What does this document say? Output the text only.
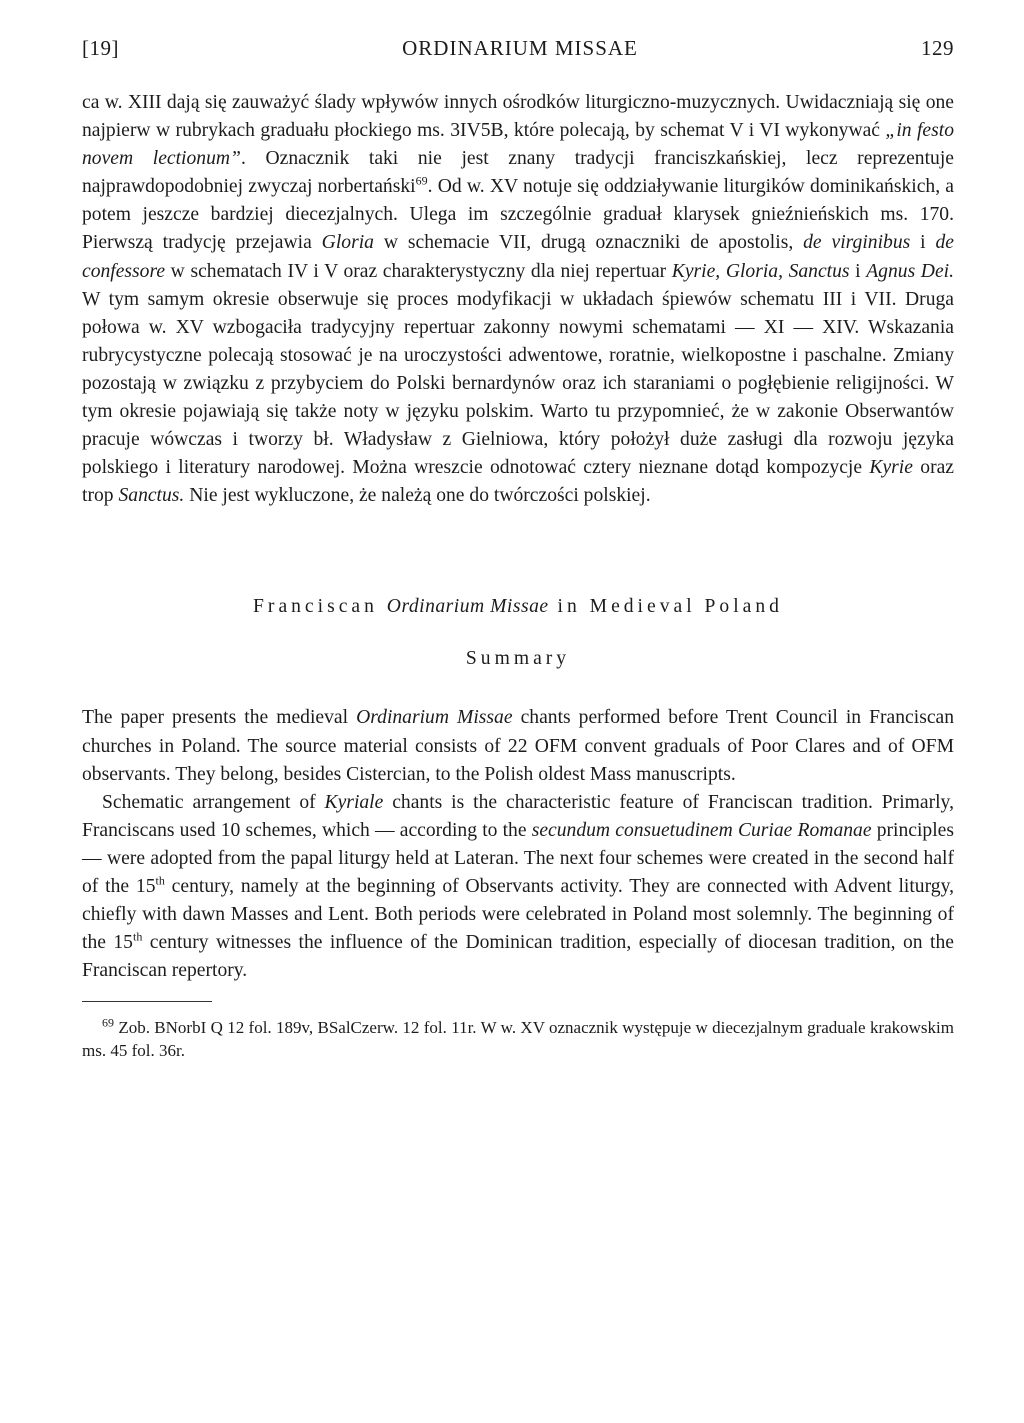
[19]	ORDINARIUM MISSAE	129

ca w. XIII dają się zauważyć ślady wpływów innych ośrodków liturgiczno-muzycznych. Uwidaczniają się one najpierw w rubrykach graduału płockiego ms. 3IV5B, które polecają, by schemat V i VI wykonywać „in festo novem lectionum”. Oznacznik taki nie jest znany tradycji franciszkańskiej, lecz reprezentuje najprawdopodobniej zwyczaj norbertański$^{69}$. Od w. XV notuje się oddziaływanie liturgików dominikańskich, a potem jeszcze bardziej diecezjalnych. Ulega im szczególnie graduał klarysek gnieźnieńskich ms. 170. Pierwszą tradycję przejawia Gloria w schemacie VII, drugą oznaczniki de apostolis, de virginibus i de confessore w schematach IV i V oraz charakterystyczny dla niej repertuar Kyrie, Gloria, Sanctus i Agnus Dei. W tym samym okresie obserwuje się proces modyfikacji w układach śpiewów schematu III i VII. Druga połowa w. XV wzbogaciła tradycyjny repertuar zakonny nowymi schematami — XI — XIV. Wskazania rubrycystyczne polecają stosować je na uroczystości adwentowe, roratnie, wielkopostne i paschalne. Zmiany pozostają w związku z przybyciem do Polski bernardynów oraz ich staraniami o pogłębienie religijności. W tym okresie pojawiają się także noty w języku polskim. Warto tu przypomnieć, że w zakonie Obserwantów pracuje wówczas i tworzy bł. Władysław z Gielniowa, który położył duże zasługi dla rozwoju języka polskiego i literatury narodowej. Można wreszcie odnotować cztery nieznane dotąd kompozycje Kyrie oraz trop Sanctus. Nie jest wykluczone, że należą one do twórczości polskiej.

Franciscan Ordinarium Missae in Medieval Poland

Summary

The paper presents the medieval Ordinarium Missae chants performed before Trent Council in Franciscan churches in Poland. The source material consists of 22 OFM convent graduals of Poor Clares and of OFM observants. They belong, besides Cistercian, to the Polish oldest Mass manuscripts.

Schematic arrangement of Kyriale chants is the characteristic feature of Franciscan tradition. Primarly, Franciscans used 10 schemes, which — according to the secundum consuetudinem Curiae Romanae principles — were adopted from the papal liturgy held at Lateran. The next four schemes were created in the second half of the 15th century, namely at the beginning of Observants activity. They are connected with Advent liturgy, chiefly with dawn Masses and Lent. Both periods were celebrated in Poland most solemnly. The beginning of the 15th century witnesses the influence of the Dominican tradition, especially of diocesan tradition, on the Franciscan repertory.

$^{69}$ Zob. BNorbI Q 12 fol. 189v, BSalCzerw. 12 fol. 11r. W w. XV oznacznik występuje w diecezjalnym graduale krakowskim ms. 45 fol. 36r.
